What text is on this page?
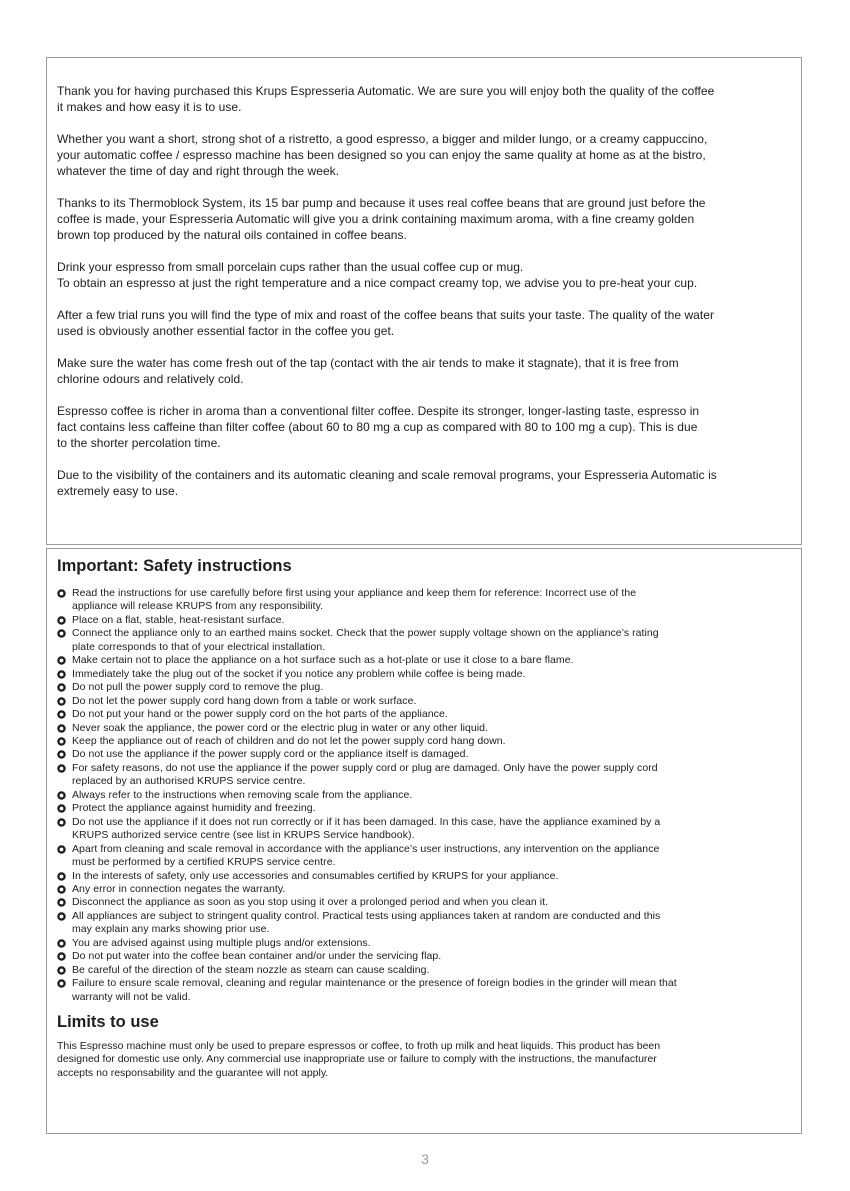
Thank you for having purchased this Krups Espresseria Automatic. We are sure you will enjoy both the quality of the coffee
it makes and how easy it is to use.

Whether you want a short, strong shot of a ristretto, a good espresso, a bigger and milder lungo, or a creamy cappuccino,
your automatic coffee / espresso machine has been designed so you can enjoy the same quality at home as at the bistro,
whatever the time of day and right through the week.

Thanks to its Thermoblock System, its 15 bar pump and because it uses real coffee beans that are ground just before the
coffee is made, your Espresseria Automatic will give you a drink containing maximum aroma, with a fine creamy golden
brown top produced by the natural oils contained in coffee beans.

Drink your espresso from small porcelain cups rather than the usual coffee cup or mug.
To obtain an espresso at just the right temperature and a nice compact creamy top, we advise you to pre-heat your cup.

After a few trial runs you will find the type of mix and roast of the coffee beans that suits your taste. The quality of the water
used is obviously another essential factor in the coffee you get.

Make sure the water has come fresh out of the tap (contact with the air tends to make it stagnate), that it is free from
chlorine odours and relatively cold.

Espresso coffee is richer in aroma than a conventional filter coffee. Despite its stronger, longer-lasting taste, espresso in
fact contains less caffeine than filter coffee (about 60 to 80 mg a cup as compared with 80 to 100 mg a cup). This is due
to the shorter percolation time.

Due to the visibility of the containers and its automatic cleaning and scale removal programs, your Espresseria Automatic is
extremely easy to use.

Important: Safety instructions
Read the instructions for use carefully before first using your appliance and keep them for reference: Incorrect use of the
appliance will release KRUPS from any responsibility.
Place on a flat, stable, heat-resistant surface.
Connect the appliance only to an earthed mains socket. Check that the power supply voltage shown on the appliance’s rating
plate corresponds to that of your electrical installation.
Make certain not to place the appliance on a hot surface such as a hot-plate or use it close to a bare flame.
Immediately take the plug out of the socket if you notice any problem while coffee is being made.
Do not pull the power supply cord to remove the plug.
Do not let the power supply cord hang down from a table or work surface.
Do not put your hand or the power supply cord on the hot parts of the appliance.
Never soak the appliance, the power cord or the electric plug in water or any other liquid.
Keep the appliance out of reach of children and do not let the power supply cord hang down.
Do not use the appliance if the power supply cord or the appliance itself is damaged.
For safety reasons, do not use the appliance if the power supply cord or plug are damaged. Only have the power supply cord
replaced by an authorised KRUPS service centre.
Always refer to the instructions when removing scale from the appliance.
Protect the appliance against humidity and freezing.
Do not use the appliance if it does not run correctly or if it has been damaged. In this case, have the appliance examined by a
KRUPS authorized service centre (see list in KRUPS Service handbook).
Apart from cleaning and scale removal in accordance with the appliance’s user instructions, any intervention on the appliance
must be performed by a certified KRUPS service centre.
In the interests of safety, only use accessories and consumables certified by KRUPS for your appliance.
Any error in connection negates the warranty.
Disconnect the appliance as soon as you stop using it over a prolonged period and when you clean it.
All appliances are subject to stringent quality control. Practical tests using appliances taken at random are conducted and this
may explain any marks showing prior use.
You are advised against using multiple plugs and/or extensions.
Do not put water into the coffee bean container and/or under the servicing flap.
Be careful of the direction of the steam nozzle as steam can cause scalding.
Failure to ensure scale removal, cleaning and regular maintenance or the presence of foreign bodies in the grinder will mean that
warranty will not be valid.
Limits to use

This Espresso machine must only be used to prepare espressos or coffee, to froth up milk and heat liquids. This product has been
designed for domestic use only. Any commercial use inappropriate use or failure to comply with the instructions, the manufacturer
accepts no responsability and the guarantee will not apply.

3
